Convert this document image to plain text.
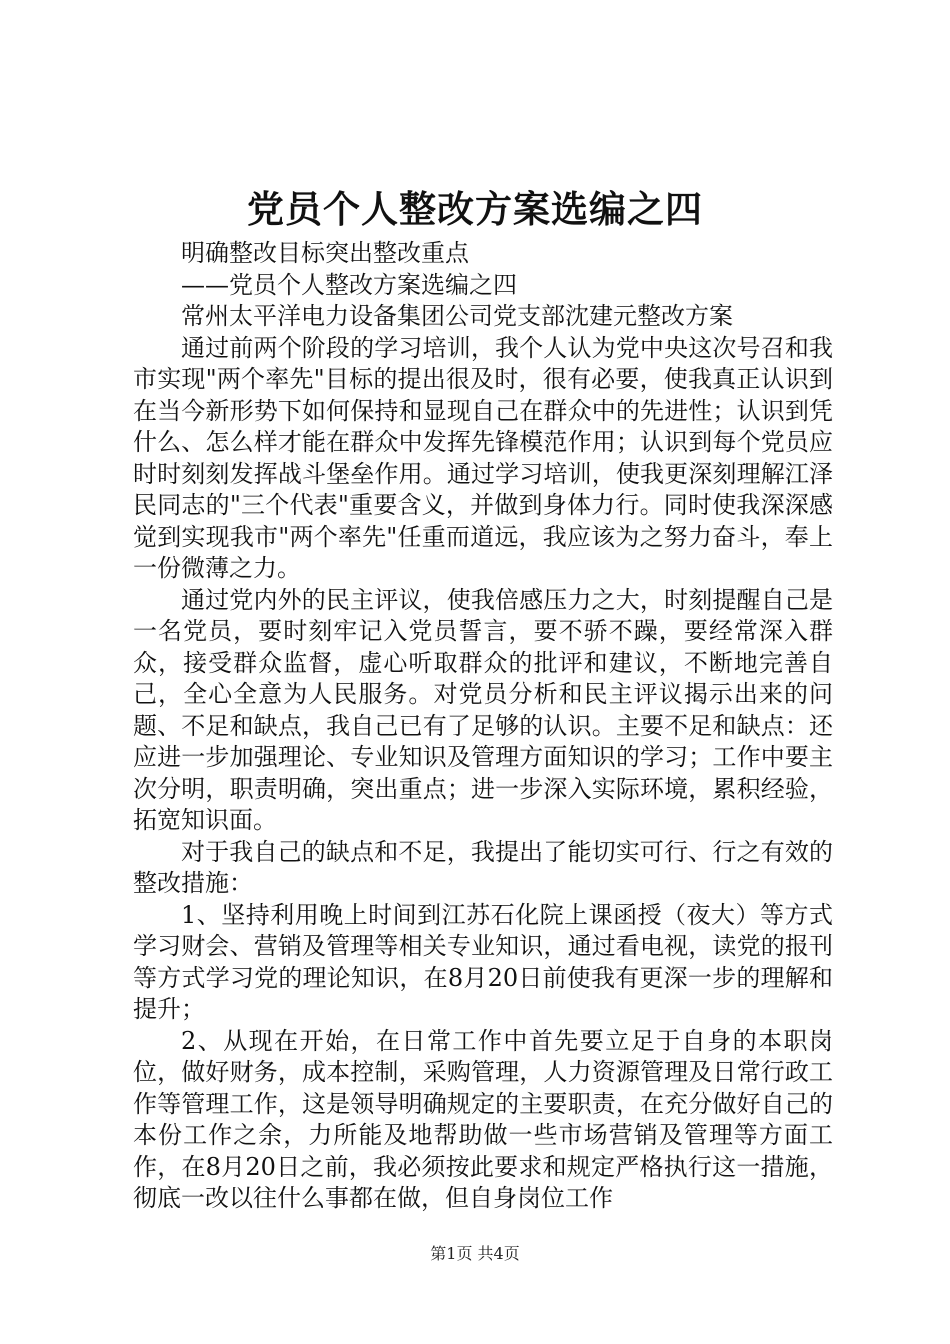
党员个人整改方案选编之四

明确整改目标突出整改重点

——党员个人整改方案选编之四

常州太平洋电力设备集团公司党支部沈建元整改方案

通过前两个阶段的学习培训，我个人认为党中央这次号召和我市实现"两个率先"目标的提出很及时，很有必要，使我真正认识到在当今新形势下如何保持和显现自己在群众中的先进性；认识到凭什么、怎么样才能在群众中发挥先锋模范作用；认识到每个党员应时时刻刻发挥战斗堡垒作用。通过学习培训，使我更深刻理解江泽民同志的"三个代表"重要含义，并做到身体力行。同时使我深深感觉到实现我市"两个率先"任重而道远，我应该为之努力奋斗，奉上一份微薄之力。

通过党内外的民主评议，使我倍感压力之大，时刻提醒自己是一名党员，要时刻牢记入党员誓言，要不骄不躁，要经常深入群众，接受群众监督，虚心听取群众的批评和建议，不断地完善自己，全心全意为人民服务。对党员分析和民主评议揭示出来的问题、不足和缺点，我自己已有了足够的认识。主要不足和缺点：还应进一步加强理论、专业知识及管理方面知识的学习；工作中要主次分明，职责明确，突出重点；进一步深入实际环境，累积经验，拓宽知识面。

对于我自己的缺点和不足，我提出了能切实可行、行之有效的整改措施：

1、坚持利用晚上时间到江苏石化院上课函授（夜大）等方式学习财会、营销及管理等相关专业知识，通过看电视，读党的报刊等方式学习党的理论知识，在8月20日前使我有更深一步的理解和提升；

2、从现在开始，在日常工作中首先要立足于自身的本职岗位，做好财务，成本控制，采购管理，人力资源管理及日常行政工作等管理工作，这是领导明确规定的主要职责，在充分做好自己的本份工作之余，力所能及地帮助做一些市场营销及管理等方面工作，在8月20日之前，我必须按此要求和规定严格执行这一措施，彻底一改以往什么事都在做，但自身岗位工作

第1页 共4页
